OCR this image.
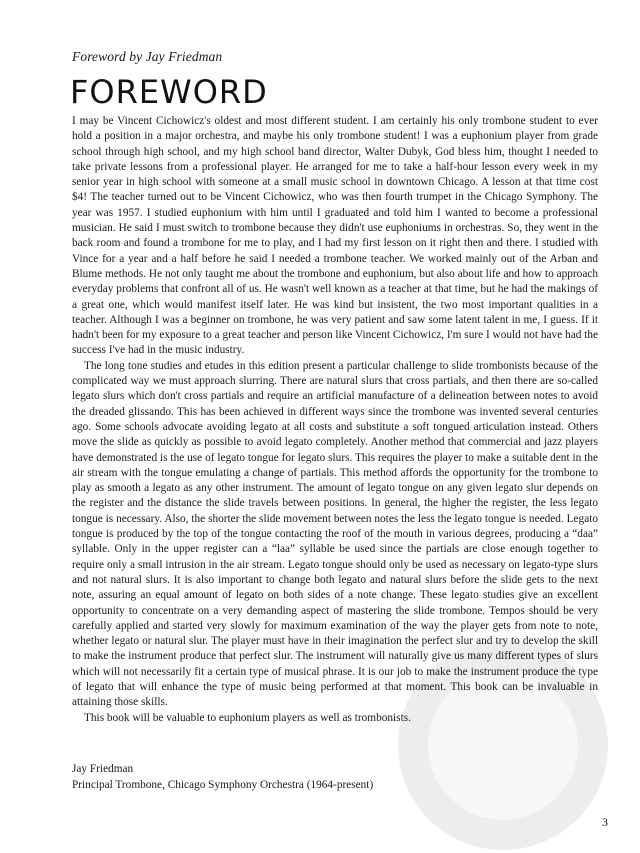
Foreword by Jay Friedman
FOREWORD

I may be Vincent Cichowicz's oldest and most different student. I am certainly his only trombone student to ever hold a position in a major orchestra, and maybe his only trombone student! I was a euphonium player from grade school through high school, and my high school band director, Walter Dubyk, God bless him, thought I needed to take private lessons from a professional player. He arranged for me to take a half-hour lesson every week in my senior year in high school with someone at a small music school in downtown Chicago. A lesson at that time cost $4! The teacher turned out to be Vincent Cichowicz, who was then fourth trumpet in the Chicago Symphony. The year was 1957. I studied euphonium with him until I graduated and told him I wanted to become a professional musician. He said I must switch to trombone because they didn't use euphoniums in orchestras. So, they went in the back room and found a trombone for me to play, and I had my first lesson on it right then and there. I studied with Vince for a year and a half before he said I needed a trombone teacher. We worked mainly out of the Arban and Blume methods. He not only taught me about the trombone and euphonium, but also about life and how to approach everyday problems that confront all of us. He wasn't well known as a teacher at that time, but he had the makings of a great one, which would manifest itself later. He was kind but insistent, the two most important qualities in a teacher. Although I was a beginner on trombone, he was very patient and saw some latent talent in me, I guess. If it hadn't been for my exposure to a great teacher and person like Vincent Cichowicz, I'm sure I would not have had the success I've had in the music industry.

The long tone studies and etudes in this edition present a particular challenge to slide trombonists because of the complicated way we must approach slurring. There are natural slurs that cross partials, and then there are so-called legato slurs which don't cross partials and require an artificial manufacture of a delineation between notes to avoid the dreaded glissando. This has been achieved in different ways since the trombone was invented several centuries ago. Some schools advocate avoiding legato at all costs and substitute a soft tongued articulation instead. Others move the slide as quickly as possible to avoid legato completely. Another method that commercial and jazz players have demonstrated is the use of legato tongue for legato slurs. This requires the player to make a suitable dent in the air stream with the tongue emulating a change of partials. This method affords the opportunity for the trombone to play as smooth a legato as any other instrument. The amount of legato tongue on any given legato slur depends on the register and the distance the slide travels between positions. In general, the higher the register, the less legato tongue is necessary. Also, the shorter the slide movement between notes the less the legato tongue is needed. Legato tongue is produced by the top of the tongue contacting the roof of the mouth in various degrees, producing a “daa” syllable. Only in the upper register can a “laa” syllable be used since the partials are close enough together to require only a small intrusion in the air stream. Legato tongue should only be used as necessary on legato-type slurs and not natural slurs. It is also important to change both legato and natural slurs before the slide gets to the next note, assuring an equal amount of legato on both sides of a note change. These legato studies give an excellent opportunity to concentrate on a very demanding aspect of mastering the slide trombone. Tempos should be very carefully applied and started very slowly for maximum examination of the way the player gets from note to note, whether legato or natural slur. The player must have in their imagination the perfect slur and try to develop the skill to make the instrument produce that perfect slur. The instrument will naturally give us many different types of slurs which will not necessarily fit a certain type of musical phrase. It is our job to make the instrument produce the type of legato that will enhance the type of music being performed at that moment. This book can be invaluable in attaining those skills.

This book will be valuable to euphonium players as well as trombonists.

Jay Friedman
Principal Trombone, Chicago Symphony Orchestra (1964-present)
3
